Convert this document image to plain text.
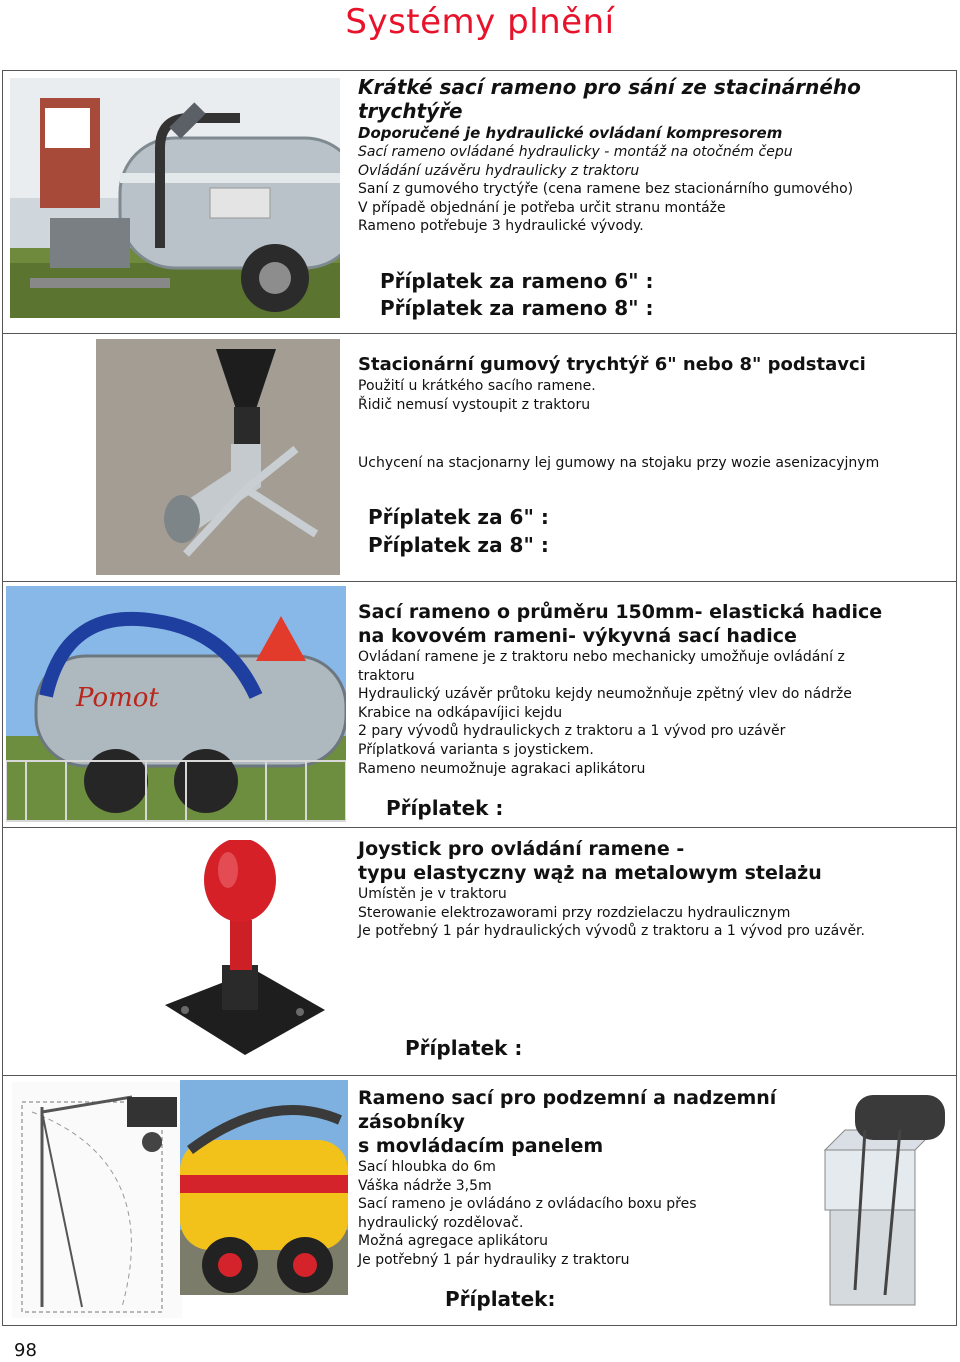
Systémy plnění
Krátké sací rameno pro sání ze stacinárného trychtýře
Doporučené je hydraulické ovládaní kompresorem
Sací rameno ovládané hydraulicky - montáž na otočném čepu
Ovládání uzávěru hydraulicky z traktoru
Saní z gumového tryctýře (cena ramene bez stacionárního gumového)
V případě objednání je potřeba určit stranu montáže
Rameno potřebuje 3 hydraulické vývody.
Příplatek za rameno 6" :
Příplatek za rameno 8" :
Stacionární gumový trychtýř 6" nebo 8" podstavci
Použití u krátkého sacího ramene.
Řidič nemusí vystoupit z traktoru
Uchycení na stacjonarny lej gumowy na stojaku przy wozie asenizacyjnym
Příplatek za 6" :
Příplatek za 8" :
Pomot
Sací rameno o průměru 150mm- elastická hadice
na kovovém rameni- výkyvná sací hadice
Ovládaní ramene je z traktoru nebo mechanicky umožňuje ovládání z
traktoru
Hydraulický uzávěr průtoku kejdy neumožnňuje zpětný vlev do nádrže
Krabice na odkápavíjici kejdu
2 pary vývodů hydraulickych z traktoru a 1 vývod pro uzávěr
Příplatková varianta s joystickem.
Rameno neumožnuje agrakaci aplikátoru
Příplatek :
Joystick pro ovládání ramene -
typu elastyczny wąż na metalowym stelażu
Umístěn je v traktoru
Sterowanie elektrozaworami przy rozdzielaczu hydraulicznym
Je potřebný 1 pár hydraulických vývodů z traktoru a 1 vývod pro uzávěr.
Příplatek :
Rameno sací pro podzemní a nadzemní zásobníky
s movládacím panelem
Sací hloubka do 6m
Váška nádrže 3,5m
Sací rameno je ovládáno z ovládacího boxu přes
hydraulický rozdělovač.
Možná agregace aplikátoru
Je potřebný 1 pár hydrauliky z traktoru
Příplatek:
98
